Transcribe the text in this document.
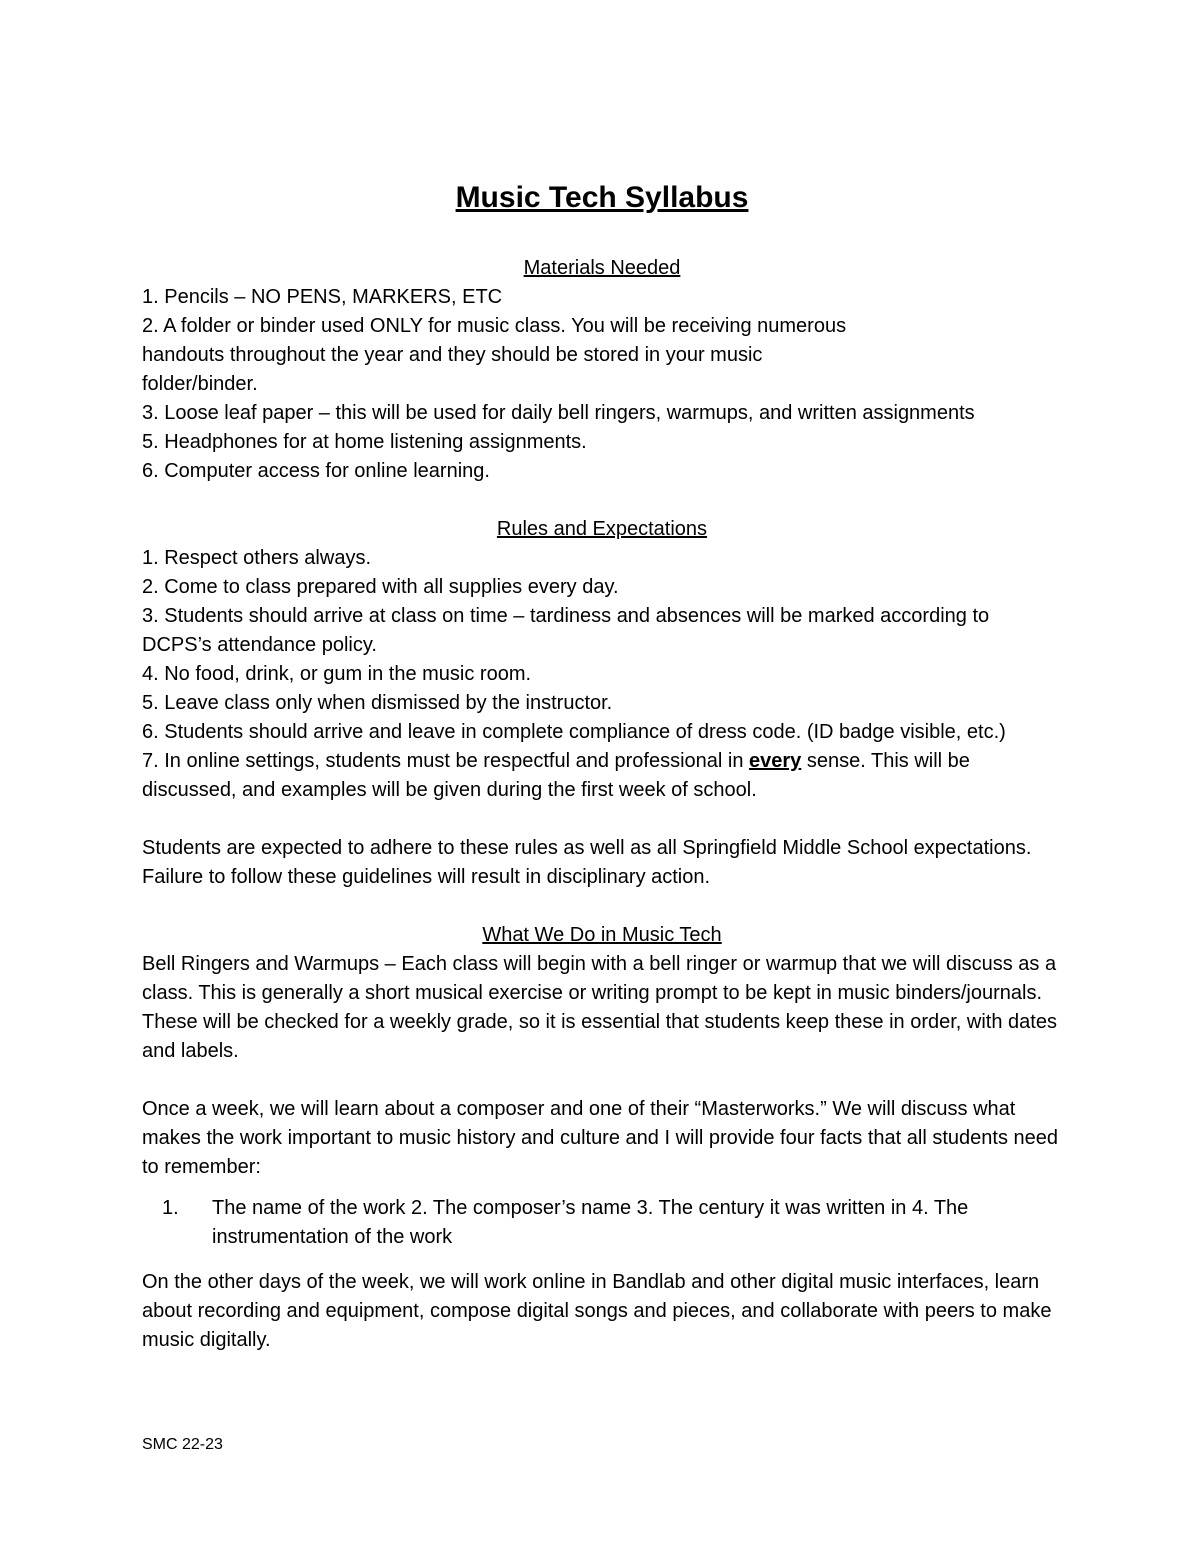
Music Tech Syllabus
Materials Needed
1. Pencils – NO PENS, MARKERS, ETC
2. A folder or binder used ONLY for music class. You will be receiving numerous
handouts throughout the year and they should be stored in your music
folder/binder.
3. Loose leaf paper – this will be used for daily bell ringers, warmups, and written assignments
5. Headphones for at home listening assignments.
6. Computer access for online learning.
Rules and Expectations
1. Respect others always.
2. Come to class prepared with all supplies every day.
3. Students should arrive at class on time – tardiness and absences will be marked according to DCPS’s attendance policy.
4. No food, drink, or gum in the music room.
5. Leave class only when dismissed by the instructor.
6. Students should arrive and leave in complete compliance of dress code. (ID badge visible, etc.)
7. In online settings, students must be respectful and professional in every sense. This will be discussed, and examples will be given during the first week of school.
Students are expected to adhere to these rules as well as all Springfield Middle School expectations. Failure to follow these guidelines will result in disciplinary action.
What We Do in Music Tech
Bell Ringers and Warmups – Each class will begin with a bell ringer or warmup that we will discuss as a class. This is generally a short musical exercise or writing prompt to be kept in music binders/journals. These will be checked for a weekly grade, so it is essential that students keep these in order, with dates and labels.
Once a week, we will learn about a composer and one of their “Masterworks.” We will discuss what makes the work important to music history and culture and I will provide four facts that all students need to remember:
1. The name of the work 2. The composer’s name 3. The century it was written in 4. The instrumentation of the work
On the other days of the week, we will work online in Bandlab and other digital music interfaces, learn about recording and equipment, compose digital songs and pieces, and collaborate with peers to make music digitally.
SMC 22-23
